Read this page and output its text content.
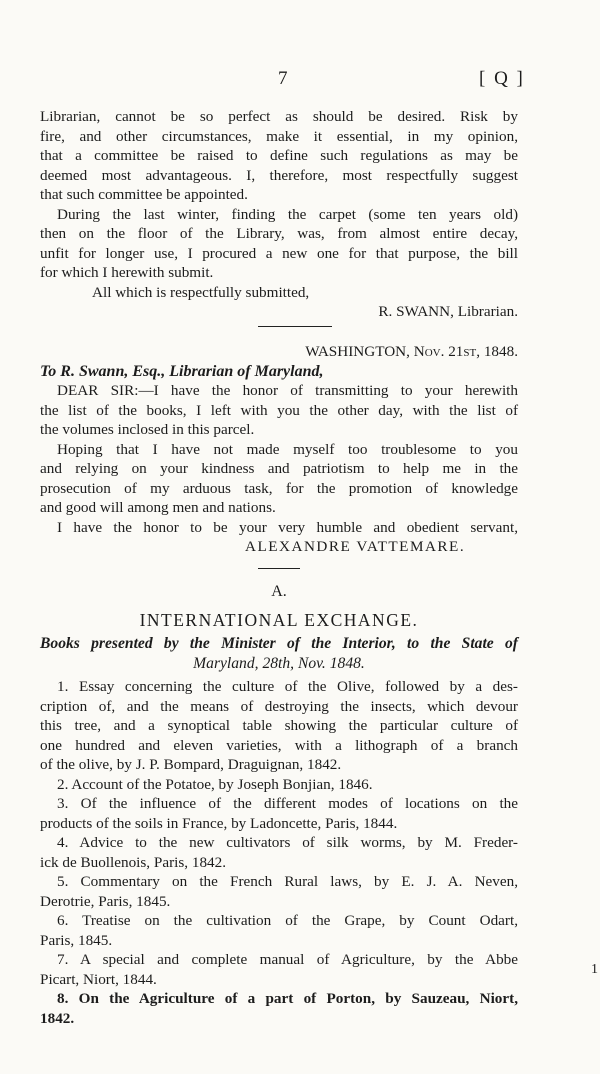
7	[ Q ]

Librarian, cannot be so perfect as should be desired. Risk by

fire, and other circumstances, make it essential, in my opinion,

that a committee be raised to define such regulations as may be

deemed most advantageous. I, therefore, most respectfully suggest

that such committee be appointed.

During the last winter, finding the carpet (some ten years old)

then on the floor of the Library, was, from almost entire decay,

unfit for longer use, I procured a new one for that purpose, the bill

for which I herewith submit.

All which is respectfully submitted,

R. SWANN, Librarian.

WASHINGTON, Nov. 21st, 1848.

To R. Swann, Esq., Librarian of Maryland,

DEAR SIR:—I have the honor of transmitting to your herewith

the list of the books, I left with you the other day, with the list of

the volumes inclosed in this parcel.

Hoping that I have not made myself too troublesome to you

and relying on your kindness and patriotism to help me in the

prosecution of my arduous task, for the promotion of knowledge

and good will among men and nations.

I have the honor to be your very humble and obedient servant,

ALEXANDRE VATTEMARE.

A.
INTERNATIONAL EXCHANGE.

Books presented by the Minister of the Interior, to the State of

Maryland, 28th, Nov. 1848.

1. Essay concerning the culture of the Olive, followed by a des-

cription of, and the means of destroying the insects, which devour

this tree, and a synoptical table showing the particular culture of

one hundred and eleven varieties, with a lithograph of a branch

of the olive, by J. P. Bompard, Draguignan, 1842.

2. Account of the Potatoe, by Joseph Bonjian, 1846.

3. Of the influence of the different modes of locations on the

products of the soils in France, by Ladoncette, Paris, 1844.

4. Advice to the new cultivators of silk worms, by M. Freder-

ick de Buollenois, Paris, 1842.

5. Commentary on the French Rural laws, by E. J. A. Neven,

Derotrie, Paris, 1845.

6. Treatise on the cultivation of the Grape, by Count Odart,

Paris, 1845.

7. A special and complete manual of Agriculture, by the Abbe

Picart, Niort, 1844.

8. On the Agriculture of a part of Porton, by Sauzeau, Niort,

1842.

1
